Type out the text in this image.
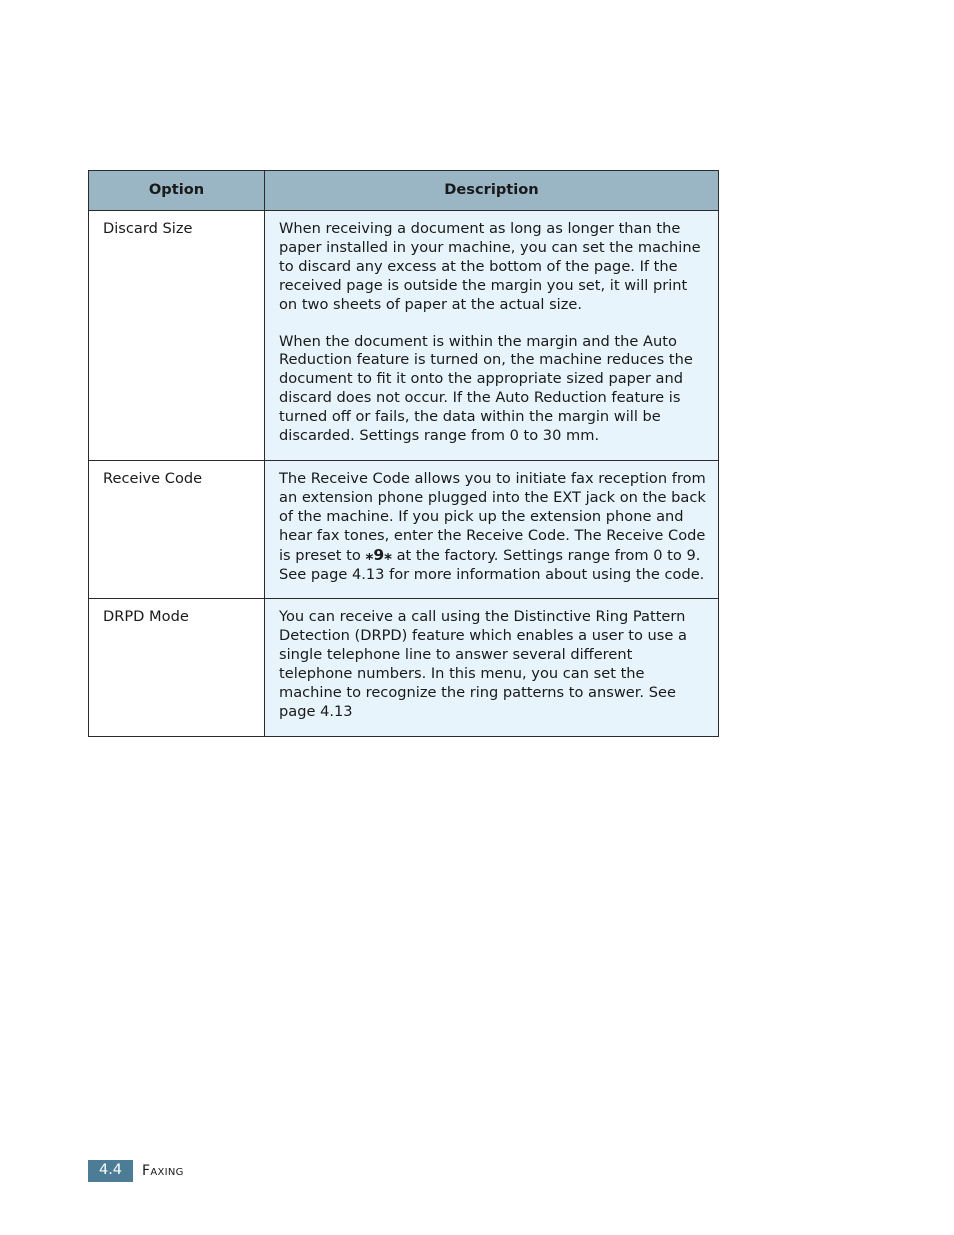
Option	Description
Discard Size	When receiving a document as long as longer than the paper installed in your machine, you can set the machine to discard any excess at the bottom of the page. If the received page is outside the margin you set, it will print on two sheets of paper at the actual size.

When the document is within the margin and the Auto Reduction feature is turned on, the machine reduces the document to fit it onto the appropriate sized paper and discard does not occur. If the Auto Reduction feature is turned off or fails, the data within the margin will be discarded. Settings range from 0 to 30 mm.

Receive Code	The Receive Code allows you to initiate fax reception from an extension phone plugged into the EXT jack on the back of the machine. If you pick up the extension phone and hear fax tones, enter the Receive Code. The Receive Code is preset to ⁎9⁎ at the factory. Settings range from 0 to 9. See page 4.13 for more information about using the code.

DRPD Mode	You can receive a call using the Distinctive Ring Pattern Detection (DRPD) feature which enables a user to use a single telephone line to answer several different telephone numbers. In this menu, you can set the machine to recognize the ring patterns to answer. See page 4.13

4.4	Faxing
